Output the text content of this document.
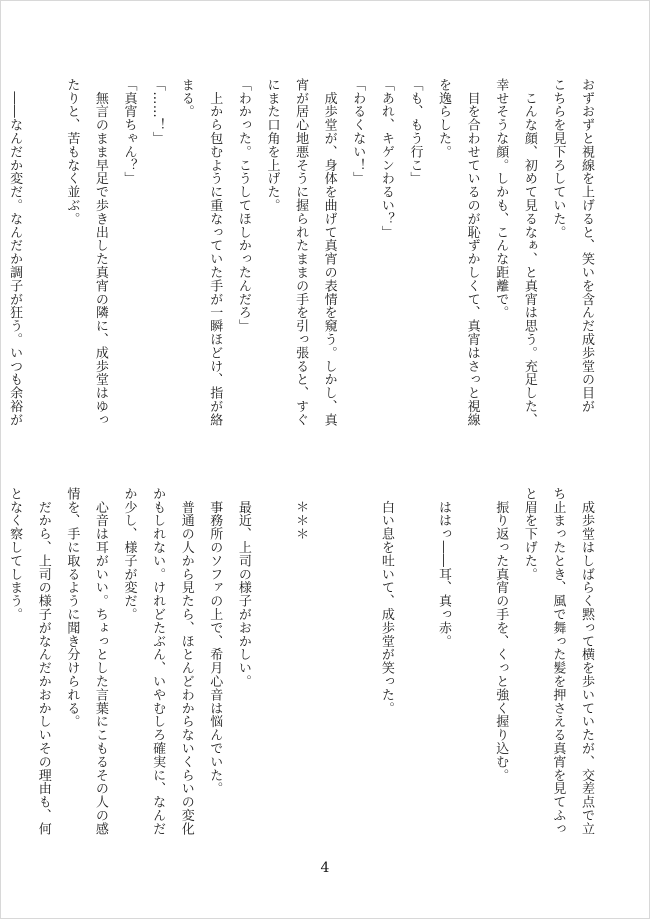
おずおずと視線を上げると、笑いを含んだ成歩堂の目が

こちらを見下ろしていた。

　こんな顔、初めて見るなぁ、と真宵は思う。充足した、

幸せそうな顔。しかも、こんな距離で。

　目を合わせているのが恥ずかしくて、真宵はさっと視線

を逸らした。

「も、もう行こ」

「あれ、キゲンわるい？」

「わるくない！」

　成歩堂が、身体を曲げて真宵の表情を窺う。しかし、真

宵が居心地悪そうに握られたままの手を引っ張ると、すぐ

にまた口角を上げた。

「わかった。こうしてほしかったんだろ」

　上から包むように重なっていた手が一瞬ほどけ、指が絡

まる。

「……！」

「真宵ちゃん？」

　無言のまま早足で歩き出した真宵の隣に、成歩堂はゆっ

たりと、苦もなく並ぶ。

　――なんだか変だ。なんだか調子が狂う。いつも余裕が

　成歩堂はしばらく黙って横を歩いていたが、交差点で立

ち止まったとき、風で舞った髪を押さえる真宵を見てふっ

と眉を下げた。

　振り返った真宵の手を、くっと強く握り込む。

　ははっ――耳、真っ赤。

　白い息を吐いて、成歩堂が笑った。

　＊＊＊

　最近、上司の様子がおかしい。

　事務所のソファの上で、希月心音は悩んでいた。

　普通の人から見たら、ほとんどわからないくらいの変化

かもしれない。けれどたぶん、いやむしろ確実に、なんだ

か少し、様子が変だ。

　心音は耳がいい。ちょっとした言葉にこもるその人の感

情を、手に取るように聞き分けられる。

　だから、上司の様子がなんだかおかしいその理由も、何

となく察してしまう。

4
